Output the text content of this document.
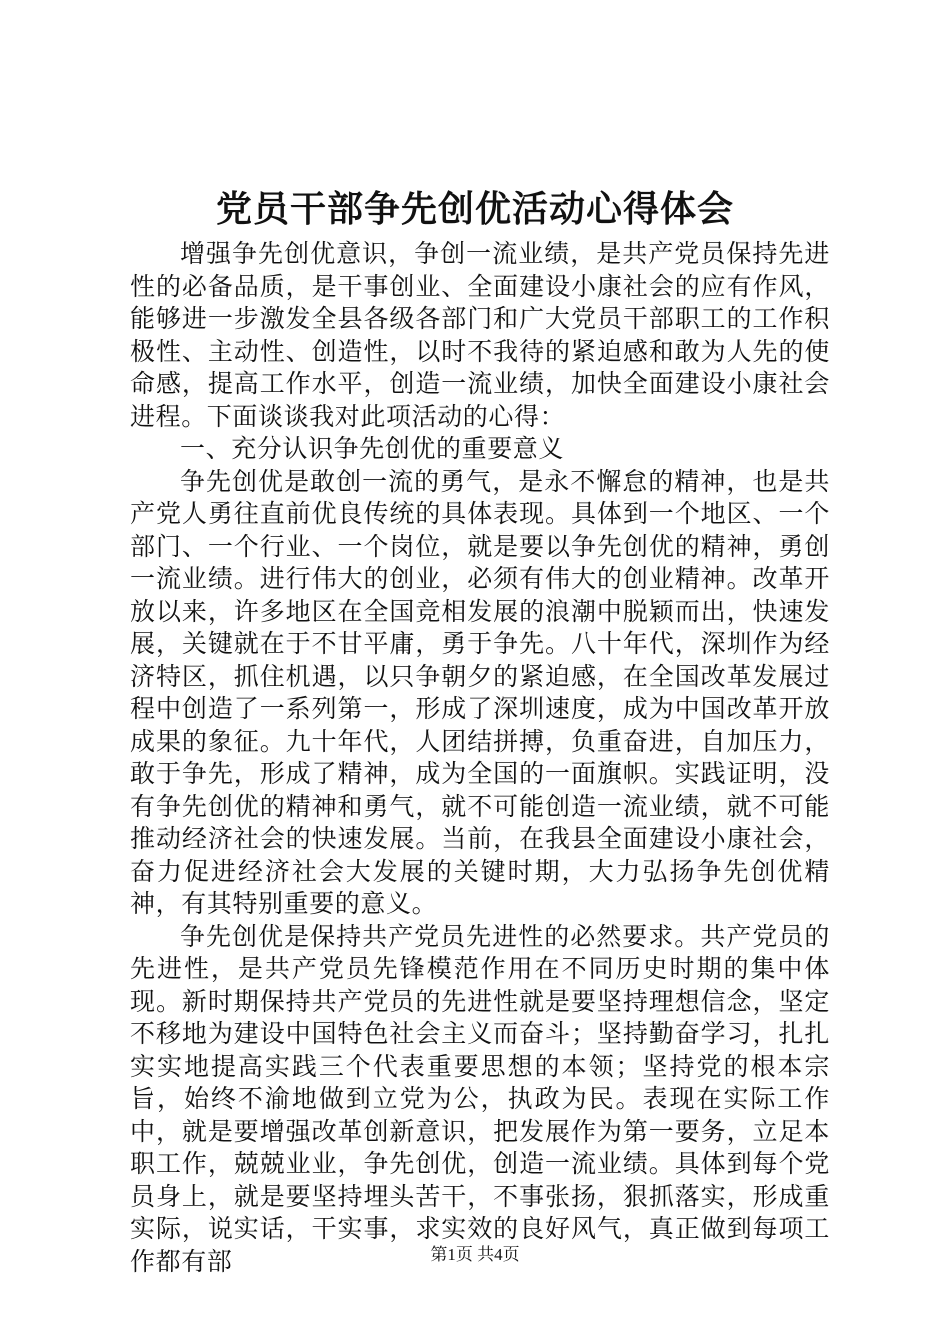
党员干部争先创优活动心得体会

增强争先创优意识，争创一流业绩，是共产党员保持先进性的必备品质，是干事创业、全面建设小康社会的应有作风，能够进一步激发全县各级各部门和广大党员干部职工的工作积极性、主动性、创造性，以时不我待的紧迫感和敢为人先的使命感，提高工作水平，创造一流业绩，加快全面建设小康社会进程。下面谈谈我对此项活动的心得：

一、充分认识争先创优的重要意义

争先创优是敢创一流的勇气，是永不懈怠的精神，也是共产党人勇往直前优良传统的具体表现。具体到一个地区、一个部门、一个行业、一个岗位，就是要以争先创优的精神，勇创一流业绩。进行伟大的创业，必须有伟大的创业精神。改革开放以来，许多地区在全国竞相发展的浪潮中脱颖而出，快速发展，关键就在于不甘平庸，勇于争先。八十年代，深圳作为经济特区，抓住机遇，以只争朝夕的紧迫感，在全国改革发展过程中创造了一系列第一，形成了深圳速度，成为中国改革开放成果的象征。九十年代，人团结拼搏，负重奋进，自加压力，敢于争先，形成了精神，成为全国的一面旗帜。实践证明，没有争先创优的精神和勇气，就不可能创造一流业绩，就不可能推动经济社会的快速发展。当前，在我县全面建设小康社会，奋力促进经济社会大发展的关键时期，大力弘扬争先创优精神，有其特别重要的意义。

争先创优是保持共产党员先进性的必然要求。共产党员的先进性，是共产党员先锋模范作用在不同历史时期的集中体现。新时期保持共产党员的先进性就是要坚持理想信念，坚定不移地为建设中国特色社会主义而奋斗；坚持勤奋学习，扎扎实实地提高实践三个代表重要思想的本领；坚持党的根本宗旨，始终不渝地做到立党为公，执政为民。表现在实际工作中，就是要增强改革创新意识，把发展作为第一要务，立足本职工作，兢兢业业，争先创优，创造一流业绩。具体到每个党员身上，就是要坚持埋头苦干，不事张扬，狠抓落实，形成重实际，说实话，干实事，求实效的良好风气，真正做到每项工作都有部	第1页 共4页
